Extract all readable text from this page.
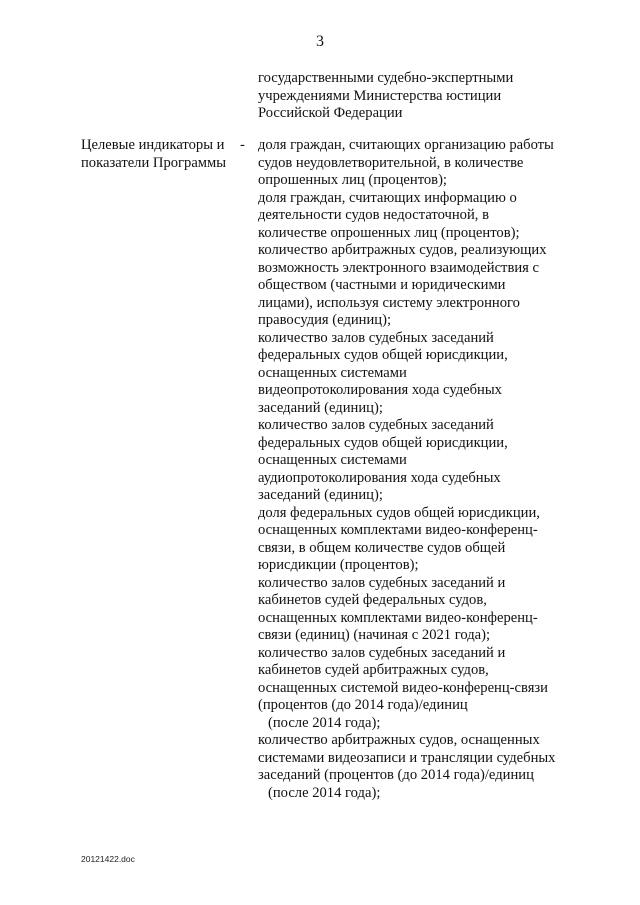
3
государственными судебно-экспертными
учреждениями Министерства юстиции
Российской Федерации
Целевые индикаторы и
показатели Программы
- доля граждан, считающих организацию работы
судов неудовлетворительной, в количестве
опрошенных лиц (процентов);
доля граждан, считающих информацию о
деятельности судов недостаточной, в
количестве опрошенных лиц (процентов);
количество арбитражных судов, реализующих
возможность электронного взаимодействия с
обществом (частными и юридическими
лицами), используя систему электронного
правосудия (единиц);
количество залов судебных заседаний
федеральных судов общей юрисдикции,
оснащенных системами
видеопротоколирования хода судебных
заседаний (единиц);
количество залов судебных заседаний
федеральных судов общей юрисдикции,
оснащенных системами
аудиопротоколирования хода судебных
заседаний (единиц);
доля федеральных судов общей юрисдикции,
оснащенных комплектами видео-конференц-
связи, в общем количестве судов общей
юрисдикции (процентов);
количество залов судебных заседаний и
кабинетов судей федеральных судов,
оснащенных комплектами видео-конференц-
связи (единиц) (начиная с 2021 года);
количество залов судебных заседаний и
кабинетов судей арбитражных судов,
оснащенных системой видео-конференц-связи
(процентов (до 2014 года)/единиц
(после 2014 года);
количество арбитражных судов, оснащенных
системами видеозаписи и трансляции судебных
заседаний (процентов (до 2014 года)/единиц
(после 2014 года);
20121422.doc
